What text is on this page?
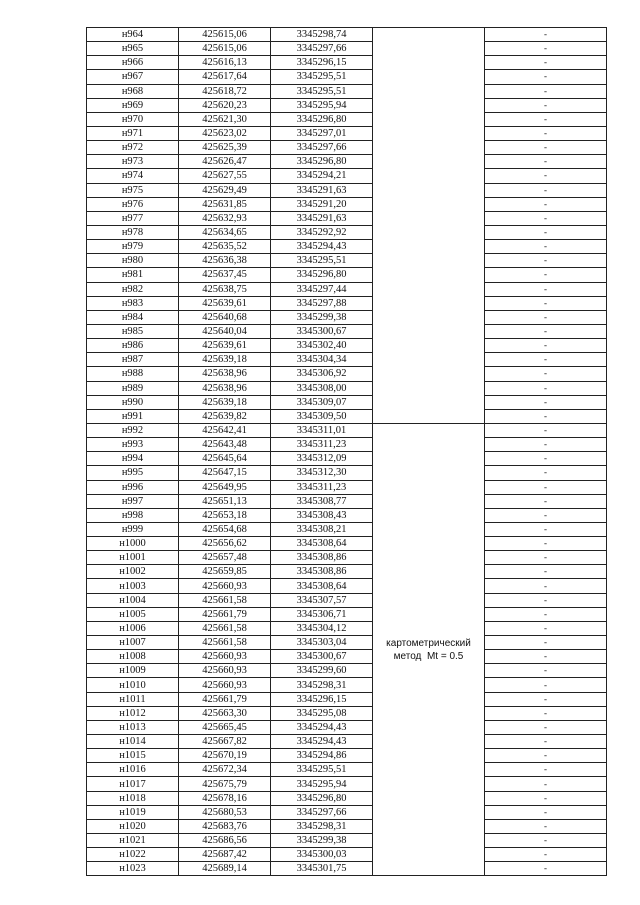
н964	425615,06	3345298,74		-
н965	425615,06	3345297,66		-
н966	425616,13	3345296,15		-
н967	425617,64	3345295,51		-
н968	425618,72	3345295,51		-
н969	425620,23	3345295,94		-
н970	425621,30	3345296,80		-
н971	425623,02	3345297,01		-
н972	425625,39	3345297,66		-
н973	425626,47	3345296,80		-
н974	425627,55	3345294,21		-
н975	425629,49	3345291,63		-
н976	425631,85	3345291,20		-
н977	425632,93	3345291,63		-
н978	425634,65	3345292,92		-
н979	425635,52	3345294,43		-
н980	425636,38	3345295,51		-
н981	425637,45	3345296,80		-
н982	425638,75	3345297,44		-
н983	425639,61	3345297,88		-
н984	425640,68	3345299,38		-
н985	425640,04	3345300,67		-
н986	425639,61	3345302,40		-
н987	425639,18	3345304,34		-
н988	425638,96	3345306,92		-
н989	425638,96	3345308,00		-
н990	425639,18	3345309,07		-
н991	425639,82	3345309,50		-
н992	425642,41	3345311,01	картометрический
метод  Mt = 0.5	-
н993	425643,48	3345311,23		-
н994	425645,64	3345312,09		-
н995	425647,15	3345312,30		-
н996	425649,95	3345311,23		-
н997	425651,13	3345308,77		-
н998	425653,18	3345308,43		-
н999	425654,68	3345308,21		-
н1000	425656,62	3345308,64		-
н1001	425657,48	3345308,86		-
н1002	425659,85	3345308,86		-
н1003	425660,93	3345308,64		-
н1004	425661,58	3345307,57		-
н1005	425661,79	3345306,71		-
н1006	425661,58	3345304,12		-
н1007	425661,58	3345303,04		-
н1008	425660,93	3345300,67		-
н1009	425660,93	3345299,60		-
н1010	425660,93	3345298,31		-
н1011	425661,79	3345296,15		-
н1012	425663,30	3345295,08		-
н1013	425665,45	3345294,43		-
н1014	425667,82	3345294,43		-
н1015	425670,19	3345294,86		-
н1016	425672,34	3345295,51		-
н1017	425675,79	3345295,94		-
н1018	425678,16	3345296,80		-
н1019	425680,53	3345297,66		-
н1020	425683,76	3345298,31		-
н1021	425686,56	3345299,38		-
н1022	425687,42	3345300,03		-
н1023	425689,14	3345301,75		-
